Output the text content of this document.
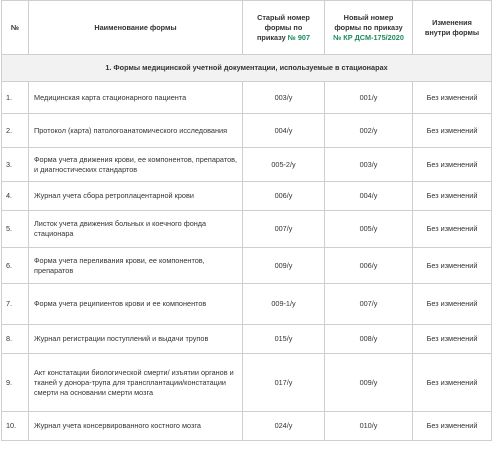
№	Наименование формы	Старый номер
формы по
приказу № 907	Новый номер
формы по приказу
№ КР ДСМ-175/2020	Изменения
внутри формы
1. Формы медицинской учетной документации, используемые в стационарах				
1.	Медицинская карта стационарного пациента	003/у	001/у	Без изменений
2.	Протокол (карта) патологоанатомического исследования	004/у	002/у	Без изменений
3.	Форма учета движения крови, ее компонентов, препаратов, и диагностических стандартов	005-2/у	003/у	Без изменений
4.	Журнал учета сбора ретроплацентарной крови	006/у	004/у	Без изменений
5.	Листок учета движения больных и коечного фонда стационара	007/у	005/у	Без изменений
6.	Форма учета переливания крови, ее компонентов, препаратов	009/у	006/у	Без изменений
7.	Форма учета реципиентов крови и ее компонентов	009-1/у	007/у	Без изменений
8.	Журнал регистрации поступлений и выдачи трупов	015/у	008/у	Без изменений
9.	Акт констатации биологической смерти/ изъятии органов и тканей у донора-трупа для трансплантации/констатации смерти на основании смерти мозга	017/у	009/у	Без изменений
10.	Журнал учета консервированного костного мозга	024/у	010/у	Без изменений
